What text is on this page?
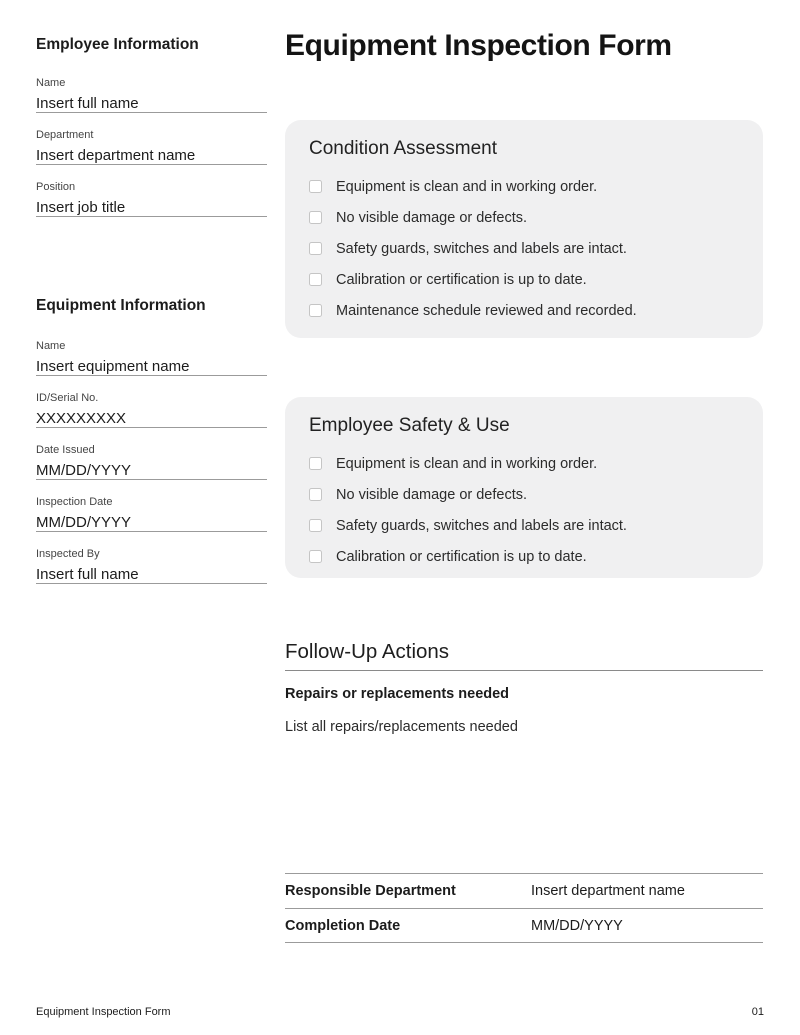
Employee Information
Name
Insert full name
Department
Insert department name
Position
Insert job title
Equipment Information
Name
Insert equipment name
ID/Serial No.
XXXXXXXXX
Date Issued
MM/DD/YYYY
Inspection Date
MM/DD/YYYY
Inspected By
Insert full name
Equipment Inspection Form
Condition Assessment
Equipment is clean and in working order.
No visible damage or defects.
Safety guards, switches and labels are intact.
Calibration or certification is up to date.
Maintenance schedule reviewed and recorded.
Employee Safety & Use
Equipment is clean and in working order.
No visible damage or defects.
Safety guards, switches and labels are intact.
Calibration or certification is up to date.
Follow-Up Actions
Repairs or replacements needed
List all repairs/replacements needed
Responsible Department	Insert department name
Completion Date	MM/DD/YYYY
Equipment Inspection Form	01
